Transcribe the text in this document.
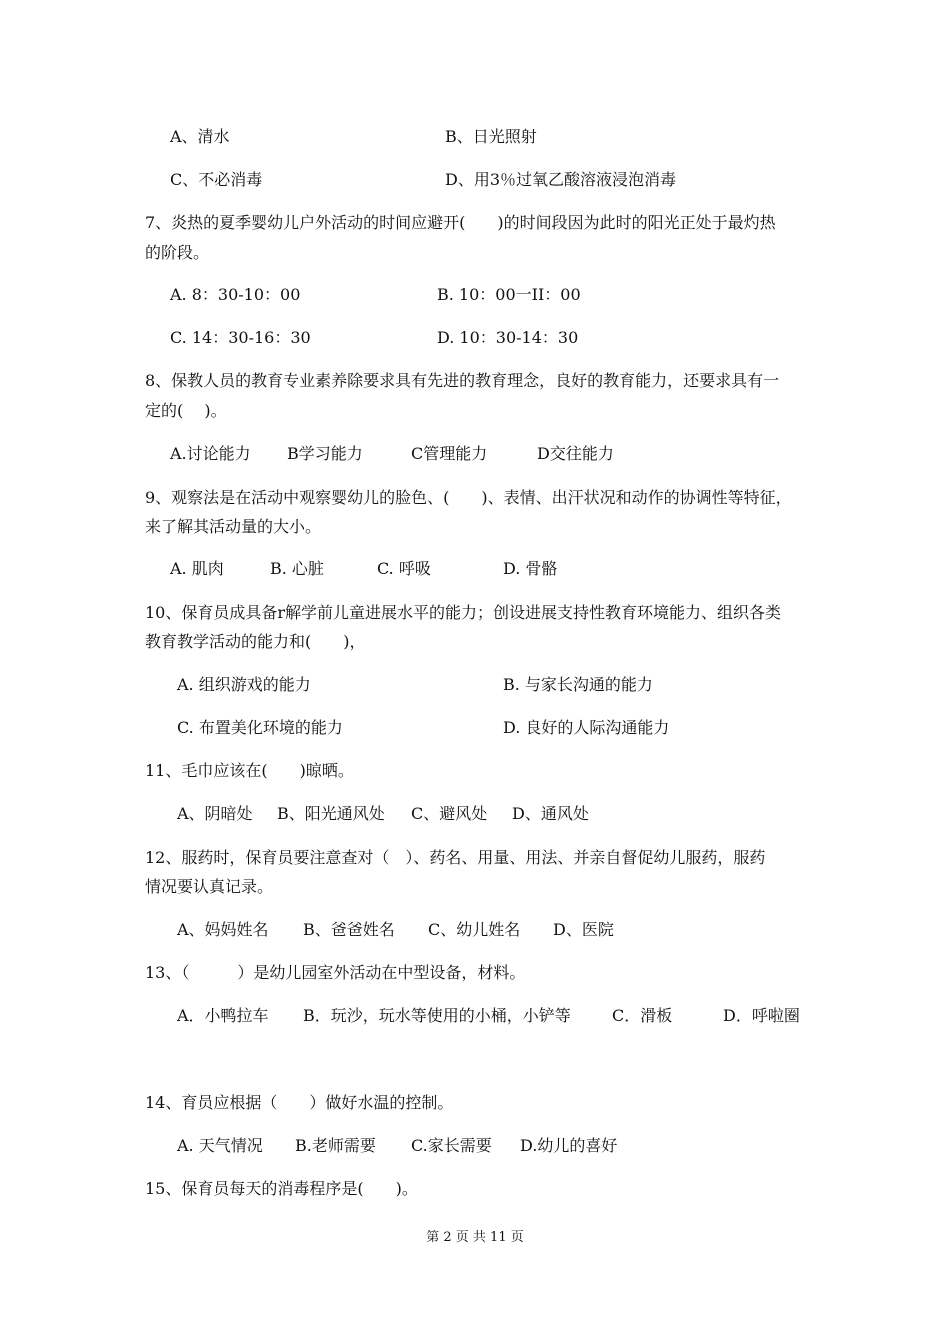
A、清水	B、日光照射
C、不必消毒	D、用3％过氧乙酸溶液浸泡消毒
7、炎热的夏季婴幼儿户外活动的时间应避开(　　)的时间段因为此时的阳光正处于最灼热
的阶段。
A. 8：30-10：00	B. 10：00一II：00
C. 14：30-16：30	D. 10：30-14：30
8、保教人员的教育专业素养除要求具有先进的教育理念，良好的教育能力，还要求具有一
定的(　 )。
A.讨论能力 B学习能力	C管理能力	D交往能力
9、观察法是在活动中观察婴幼儿的脸色、(　　)、表情、出汗状况和动作的协调性等特征，
来了解其活动量的大小。
A. 肌肉	B. 心脏	C. 呼吸	D. 骨骼
10、保育员成具备r解学前儿童进展水平的能力；创设进展支持性教育环境能力、组织各类
教育教学活动的能力和(　　)，
A. 组织游戏的能力	B. 与家长沟通的能力
C. 布置美化环境的能力	D. 良好的人际沟通能力
11、毛巾应该在(　　)晾晒。
A、阴暗处 B、阳光通风处 C、避风处 D、通风处
12、服药时，保育员要注意查对（　）、药名、用量、用法、并亲自督促幼儿服药，服药
情况要认真记录。
A、妈妈姓名 B、爸爸姓名 C、幼儿姓名 D、医院
13、（　　　）是幼儿园室外活动在中型设备，材料。
A．小鸭拉车 B．玩沙，玩水等使用的小桶，小铲等	C．滑板	D．呼啦圈
14、育员应根据（　　）做好水温的控制。
A. 天气情况 B.老师需要 C.家长需要 D.幼儿的喜好
15、保育员每天的消毒程序是(　　)。
第 2 页 共 11 页
